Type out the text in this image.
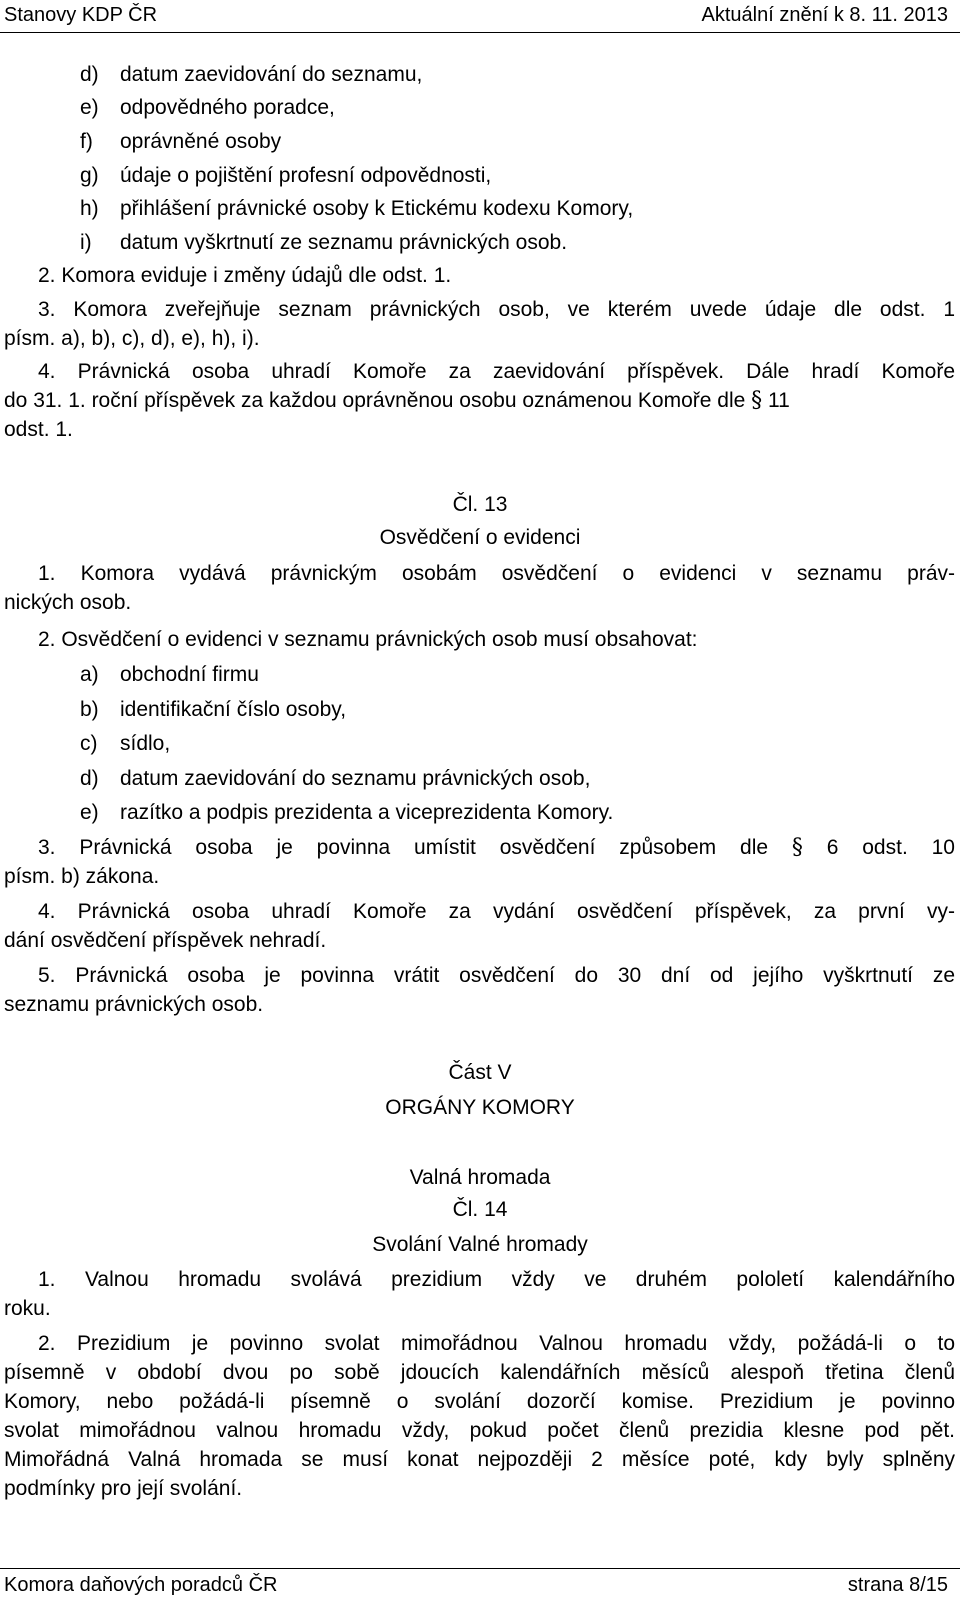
Stanovy KDP ČR	Aktuální znění k 8. 11. 2013
d) datum zaevidování do seznamu,
e) odpovědného poradce,
f) oprávněné osoby
g) údaje o pojištění profesní odpovědnosti,
h) přihlášení právnické osoby k Etickému kodexu Komory,
i) datum vyškrtnutí ze seznamu právnických osob.
2. Komora eviduje i změny údajů dle odst. 1.
3. Komora zveřejňuje seznam právnických osob, ve kterém uvede údaje dle odst. 1
písm. a), b), c), d), e), h), i).
4. Právnická osoba uhradí Komoře za zaevidování příspěvek. Dále hradí Komoře
do 31. 1. roční příspěvek za každou oprávněnou osobu oznámenou Komoře dle § 11
odst. 1.
Čl. 13
Osvědčení o evidenci
1. Komora vydává právnickým osobám osvědčení o evidenci v seznamu práv-
nických osob.
2. Osvědčení o evidenci v seznamu právnických osob musí obsahovat:
a) obchodní firmu
b) identifikační číslo osoby,
c) sídlo,
d) datum zaevidování do seznamu právnických osob,
e) razítko a podpis prezidenta a viceprezidenta Komory.
3. Právnická osoba je povinna umístit osvědčení způsobem dle § 6 odst. 10
písm. b) zákona.
4. Právnická osoba uhradí Komoře za vydání osvědčení příspěvek, za první vy-
dání osvědčení příspěvek nehradí.
5. Právnická osoba je povinna vrátit osvědčení do 30 dní od jejího vyškrtnutí ze
seznamu právnických osob.
Část V
ORGÁNY KOMORY
Valná hromada
Čl. 14
Svolání Valné hromady
1. Valnou hromadu svolává prezidium vždy ve druhém pololetí kalendářního
roku.
2. Prezidium je povinno svolat mimořádnou Valnou hromadu vždy, požádá-li o to
písemně v období dvou po sobě jdoucích kalendářních měsíců alespoň třetina členů
Komory, nebo požádá-li písemně o svolání dozorčí komise. Prezidium je povinno
svolat mimořádnou valnou hromadu vždy, pokud počet členů prezidia klesne pod pět.
Mimořádná Valná hromada se musí konat nejpozději 2 měsíce poté, kdy byly splněny
podmínky pro její svolání.
Komora daňových poradců ČR	strana 8/15
